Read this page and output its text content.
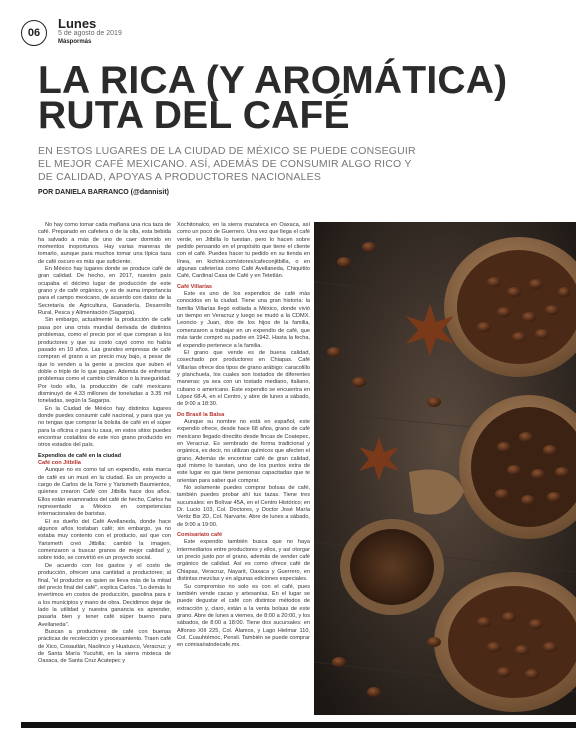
06
Lunes
5 de agosto de 2019
Máspormás
LA RICA (Y AROMÁTICA)
RUTA DEL CAFÉ
EN ESTOS LUGARES DE LA CIUDAD DE MÉXICO SE PUEDE CONSEGUIR EL MEJOR CAFÉ MEXICANO. ASÍ, ADEMÁS DE CONSUMIR ALGO RICO Y DE CALIDAD, APOYAS A PRODUCTORES NACIONALES
POR DANIELA BARRANCO (@dannisit)

No hay como tomar cada mañana una rica taza de café. Preparado en cafetera o de la olla, esta bebida ha salvado a más de uno de caer dormido en momentos inoportunos. Hay varias maneras de tomarlo, aunque para muchos tomar una típica taza de café oscuro es más que suficiente.

En México hay lugares donde se produce café de gran calidad. De hecho, en 2017, nuestro país ocupaba el décimo lugar de producción de este grano y de café orgánico, y es de suma importancia para el campo mexicano, de acuerdo con datos de la Secretaría de Agricultura, Ganadería, Desarrollo Rural, Pesca y Alimentación (Sagarpa).

Sin embargo, actualmente la producción de café pasa por una crisis mundial derivada de distintos problemas, como el precio por el que compran a los productores y que su costo cayó como no había pasado en 10 años. Las grandes empresas de café compran el grano a un precio muy bajo, a pesar de que lo venden a la gente a precios que suben el doble o triple de lo que pagan. Además de enfrentar problemas como el cambio climático o la inseguridad. Por todo ello, la producción de café mexicano disminuyó de 4.33 millones de toneladas a 3.35 mil toneladas, según la Sagarpa.

En la Ciudad de México hay distintos lugares donde puedes consumir café nacional, y para que ya no tengas que comprar la bolsita de café en el súper para la oficina o para tu casa, en estos sitios puedes encontrar costalitos de este rico grano producido en otros estados del país.

Expendios de café en la ciudad

Café con Jitbilla

Aunque no es como tal un expendio, esta marca de café es un must en la ciudad. Es un proyecto a cargo de Carlos de la Torre y Yarismeth Baumientos, quienes crearon Café con Jitbilla hace dos años. Ellos están enamorados del café de hecho, Carlos ha representado a México en competencias internacionales de baristas.

El es dueño del Café Avellaneda, donde hace algunos años tostaban café; sin embargo, ya no estaba muy contento con el producto, así que con Yarismeth creó Jitbilla: cambió la imagen, comenzaron a buscar granos de mejor calidad y, sobre todo, se convirtió en un proyecto social.

De acuerdo con los gastos y el costo de producción, ofrecen una cantidad a productores; al final, "el productor es quien se lleva más de la mitad del precio final del café", explica Carlos. "Lo demás lo invertimos en costos de producción, gasolina para ir a los municipios y mano de obra. Decidimos dejar de lado la utilidad y nuestra ganancia es aprender, pasarla bien y tener café súper bueno para Avellaneda".

Buscan a productores de café con buenas prácticas de recolección y procesamiento. Traen café de Xico, Cosautlán, Naolinco y Huatusco, Veracruz; y de Santa María Yucuhiti, en la sierra mixteca de Oaxaca, de Santa Cruz Acatepec y

Xochitonalco, en la sierra mazateca en Oaxaca, así como un poco de Guerrero. Una vez que llega el café verde, en Jitbilla lo tuestan, pero lo hacen sobre pedido pensando en el propósito que tiene el cliente con el café. Puedes hacer tu pedido en su tienda en línea, en kichink.com/stores/cafeconjitbilla, o en algunas cafeterías como Café Avellaneda, Chiquitito Café, Cardinal Casa de Café y en Tetetlán.

Café Villarías

Este es uno de los expendios de café más conocidos en la ciudad. Tiene una gran historia: la familia Villarías llegó exiliada a México, donde vivió un tiempo en Veracruz y luego se mudó a la CDMX. Leoncio y Juan, dos de los hijos de la familia, comenzaron a trabajar en un expendio de café, que más tarde compró su padre en 1942. Hasta la fecha, el expendio pertenece a la familia.

El grano que vende es de buena calidad, cosechado por productores en Chiapas. Café Villarías ofrece dos tipos de grano arábigo: caracolillo y planchuela, los cuales son tostados de diferentes maneras: ya sea con un tostado mediano, italiano, cubano o americano. Este expendio se encuentra en López 68-A, en el Centro, y abre de lunes a sábado, de 9:00 a 18:30.

Do Brasil la Balsa

Aunque su nombre no está en español, este expendio ofrece, desde hace 68 años, grano de café mexicano llegado directito desde fincas de Coatepec, en Veracruz. Es sembrado de forma tradicional y orgánica, es decir, no utilizan químicos que afecten el grano. Además de encontrar café de gran calidad, qué mismo lo tuestan, uno de los puntos extra de este lugar es que tiene personas capacitadas que te orientan para saber qué comprar.

No solamente puedes comprar bolsas de café, también puedes probar ahí tus tazas. Tiene tres sucursales: en Bolívar 45A, en el Centro Histórico; en Dr. Lucio 103, Col. Doctores, y Doctor José María Vertiz Bis 2D, Col. Narvarte. Abre de lunes a sábado, de 9:00 a 19:00.

Comisariato café

Este expendio también busca que no haya intermediarios entre productores y ellos, y así otorgar un precio justo por el grano, además de vender café orgánico de calidad. Así es como ofrece café de Chiapas, Veracruz, Nayarit, Oaxaca y Guerrero, en distintas mezclas y en algunas ediciones especiales.

Su compromiso no solo es con el café, pues también vende cacao y artesanías. En el lugar se puede degustar el café con distintos métodos de extracción y, claro, están a la venta bolsas de este grano. Abre de lunes a viernes, de 8:00 a 20:00, y los sábados, de 8:00 a 18:00. Tiene dos sucursales: en Alfonso XIII 225, Col. Álamos, y Lago Hielmar 110, Col. Cuauhtémoc, Pensil. También se puede comprar en comisariatodecafe.mx.
